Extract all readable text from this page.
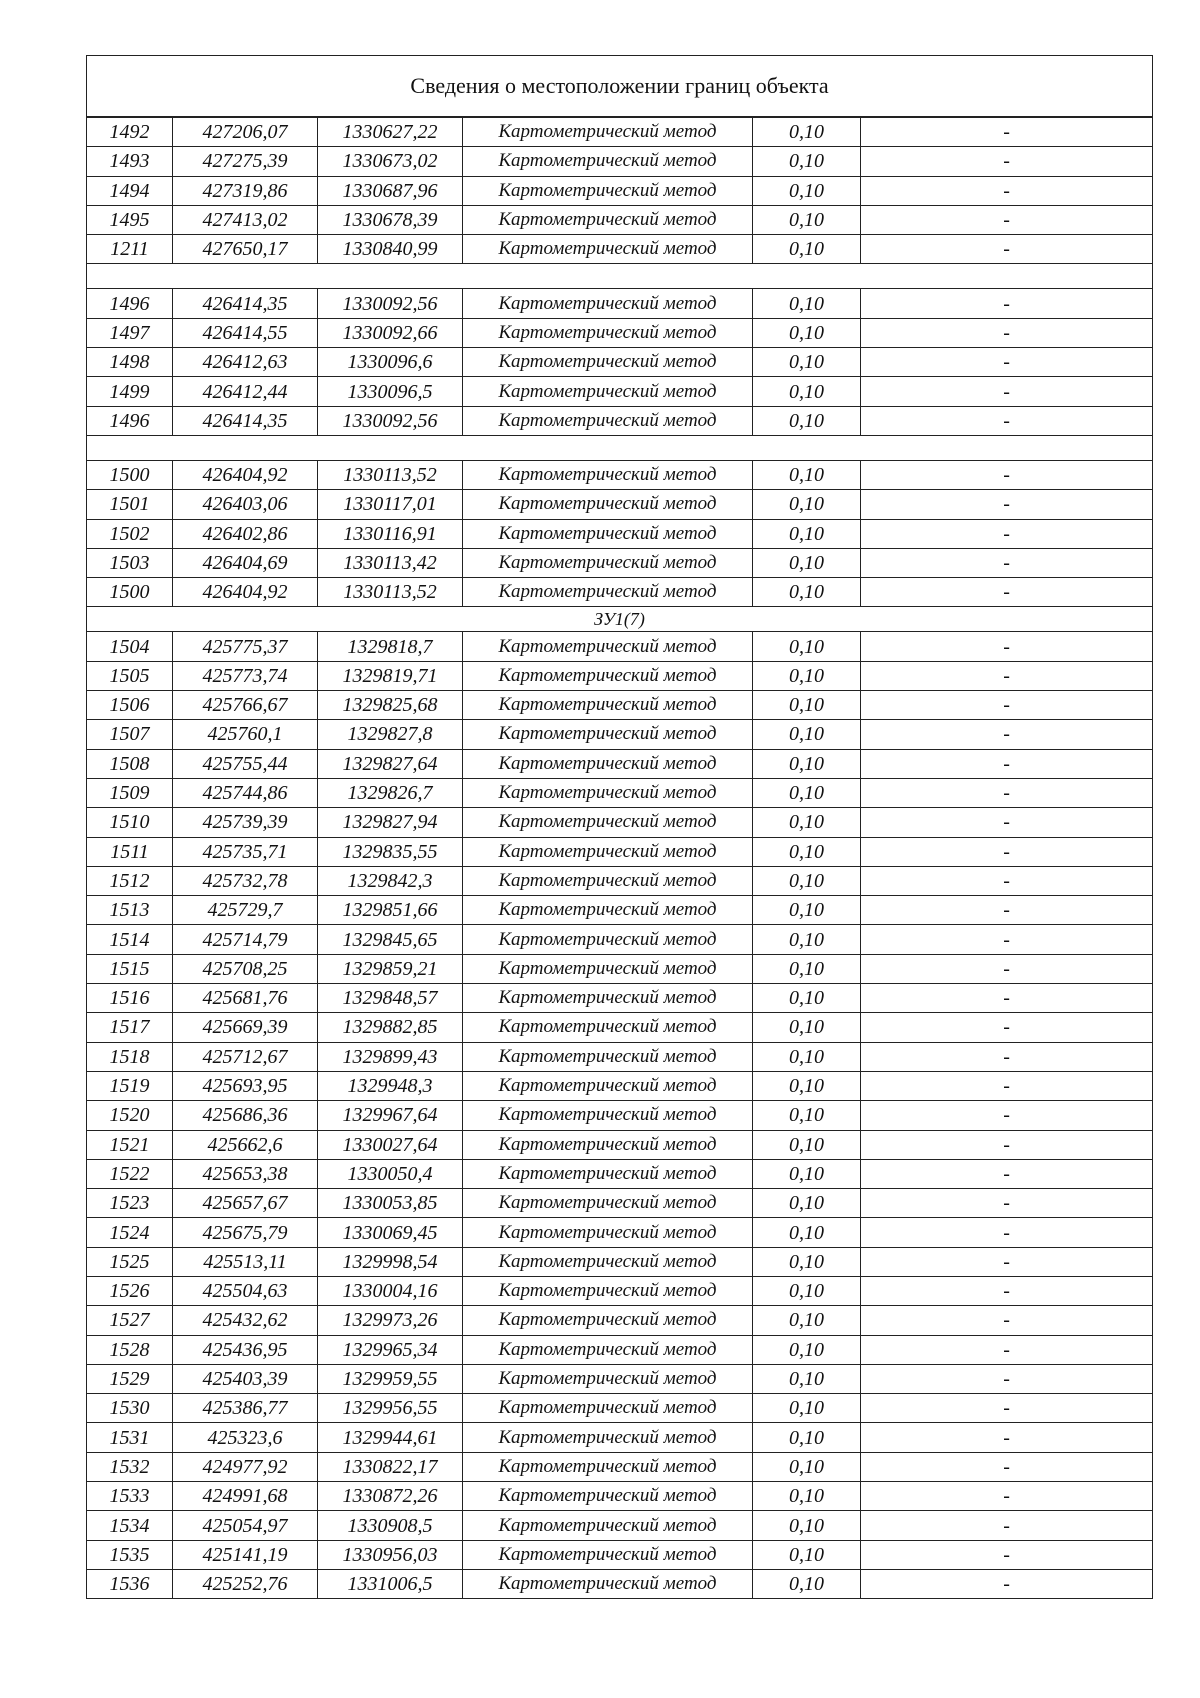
Сведения о местоположении границ объекта					
1492	427206,07	1330627,22	Картометрический метод	0,10	-
1493	427275,39	1330673,02	Картометрический метод	0,10	-
1494	427319,86	1330687,96	Картометрический метод	0,10	-
1495	427413,02	1330678,39	Картометрический метод	0,10	-
1211	427650,17	1330840,99	Картометрический метод	0,10	-

1496	426414,35	1330092,56	Картометрический метод	0,10	-
1497	426414,55	1330092,66	Картометрический метод	0,10	-
1498	426412,63	1330096,6	Картометрический метод	0,10	-
1499	426412,44	1330096,5	Картометрический метод	0,10	-
1496	426414,35	1330092,56	Картометрический метод	0,10	-

1500	426404,92	1330113,52	Картометрический метод	0,10	-
1501	426403,06	1330117,01	Картометрический метод	0,10	-
1502	426402,86	1330116,91	Картометрический метод	0,10	-
1503	426404,69	1330113,42	Картометрический метод	0,10	-
1500	426404,92	1330113,52	Картометрический метод	0,10	-
ЗУ1(7)					
1504	425775,37	1329818,7	Картометрический метод	0,10	-
1505	425773,74	1329819,71	Картометрический метод	0,10	-
1506	425766,67	1329825,68	Картометрический метод	0,10	-
1507	425760,1	1329827,8	Картометрический метод	0,10	-
1508	425755,44	1329827,64	Картометрический метод	0,10	-
1509	425744,86	1329826,7	Картометрический метод	0,10	-
1510	425739,39	1329827,94	Картометрический метод	0,10	-
1511	425735,71	1329835,55	Картометрический метод	0,10	-
1512	425732,78	1329842,3	Картометрический метод	0,10	-
1513	425729,7	1329851,66	Картометрический метод	0,10	-
1514	425714,79	1329845,65	Картометрический метод	0,10	-
1515	425708,25	1329859,21	Картометрический метод	0,10	-
1516	425681,76	1329848,57	Картометрический метод	0,10	-
1517	425669,39	1329882,85	Картометрический метод	0,10	-
1518	425712,67	1329899,43	Картометрический метод	0,10	-
1519	425693,95	1329948,3	Картометрический метод	0,10	-
1520	425686,36	1329967,64	Картометрический метод	0,10	-
1521	425662,6	1330027,64	Картометрический метод	0,10	-
1522	425653,38	1330050,4	Картометрический метод	0,10	-
1523	425657,67	1330053,85	Картометрический метод	0,10	-
1524	425675,79	1330069,45	Картометрический метод	0,10	-
1525	425513,11	1329998,54	Картометрический метод	0,10	-
1526	425504,63	1330004,16	Картометрический метод	0,10	-
1527	425432,62	1329973,26	Картометрический метод	0,10	-
1528	425436,95	1329965,34	Картометрический метод	0,10	-
1529	425403,39	1329959,55	Картометрический метод	0,10	-
1530	425386,77	1329956,55	Картометрический метод	0,10	-
1531	425323,6	1329944,61	Картометрический метод	0,10	-
1532	424977,92	1330822,17	Картометрический метод	0,10	-
1533	424991,68	1330872,26	Картометрический метод	0,10	-
1534	425054,97	1330908,5	Картометрический метод	0,10	-
1535	425141,19	1330956,03	Картометрический метод	0,10	-
1536	425252,76	1331006,5	Картометрический метод	0,10	-
